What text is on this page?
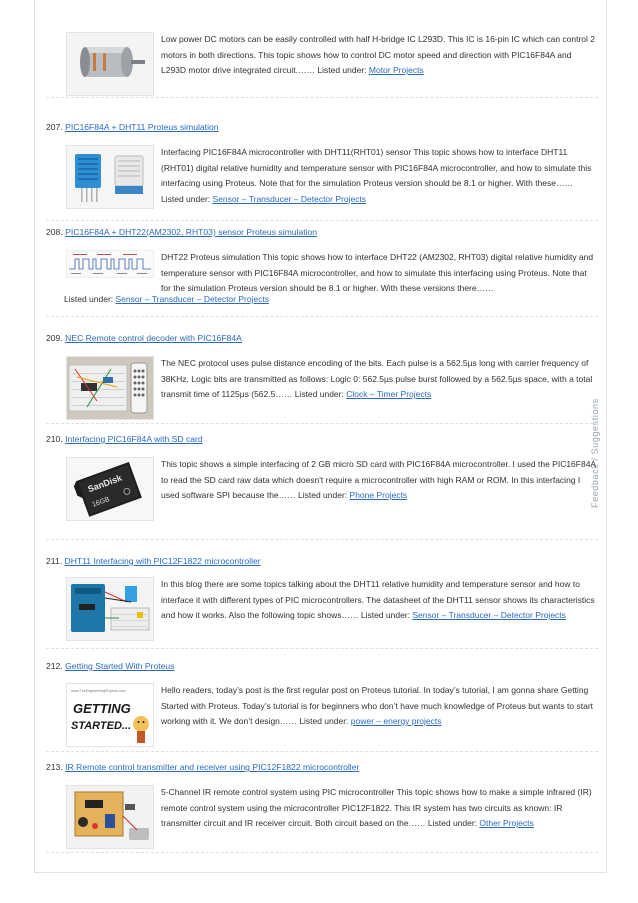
Feedback / Suggestions
Low power DC motors can be easily controlled with half H-bridge IC L293D. This IC is 16-pin IC which can control 2 motors in both directions. This topic shows how to control DC motor speed and direction with PIC16F84A and L293D motor drive integrated circuit.…… Listed under: Motor Projects
207. PIC16F84A + DHT11 Proteus simulation
Interfacing PIC16F84A microcontroller with DHT11(RHT01) sensor This topic shows how to interface DHT11 (RHT01) digital relative humidity and temperature sensor with PIC16F84A microcontroller, and how to simulate this interfacing using Proteus. Note that for the simulation Proteus version should be 8.1 or higher. With these…… Listed under: Sensor – Transducer – Detector Projects
208. PIC16F84A + DHT22(AM2302, RHT03) sensor Proteus simulation
DHT22 Proteus simulation This topic shows how to interface DHT22 (AM2302, RHT03) digital relative humidity and temperature sensor with PIC16F84A microcontroller, and how to simulate this interfacing using Proteus. Note that for the simulation Proteus version should be 8.1 or higher. With these versions there……
Listed under: Sensor – Transducer – Detector Projects
209. NEC Remote control decoder with PIC16F84A
The NEC protocol uses pulse distance encoding of the bits. Each pulse is a 562.5µs long with carrier frequency of 38KHz. Logic bits are transmitted as follows: Logic 0: 562.5µs pulse burst followed by a 562.5µs space, with a total transmit time of 1125µs (562.5…… Listed under: Clock – Timer Projects
210. Interfacing PIC16F84A with SD card
SanDisk
16GB
This topic shows a simple interfacing of 2 GB micro SD card with PIC16F84A microcontroller. I used the PIC16F84A to read the SD card raw data which doesn't require a microcontroller with high RAM or ROM. In this interfacing I used software SPI because the…… Listed under: Phone Projects
211. DHT11 Interfacing with PIC12F1822 microcontroller
In this blog there are some topics talking about the DHT11 relative humidity and temperature sensor and how to interface it with different types of PIC microcontrollers. The datasheet of the DHT11 sensor shows its characteristics and how it works. Also the following topic shows…… Listed under: Sensor – Transducer – Detector Projects
212. Getting Started With Proteus
www.TheEngineeringProjects.com
GETTING
STARTED...
Hello readers, today’s post is the first regular post on Proteus tutorial. In today’s tutorial, I am gonna share Getting Started with Proteus. Today’s tutorial is for beginners who don’t have much knowledge of Proteus but wants to start working with it. We don’t design…… Listed under: power – energy projects
213. IR Remote control transmitter and receiver using PIC12F1822 microcontroller
5-Channel IR remote control system using PIC microcontroller This topic shows how to make a simple infrared (IR) remote control system using the microcontroller PIC12F1822. This IR system has two circuits as known: IR transmitter circuit and IR receiver circuit. Both circuit based on the…… Listed under: Other Projects
